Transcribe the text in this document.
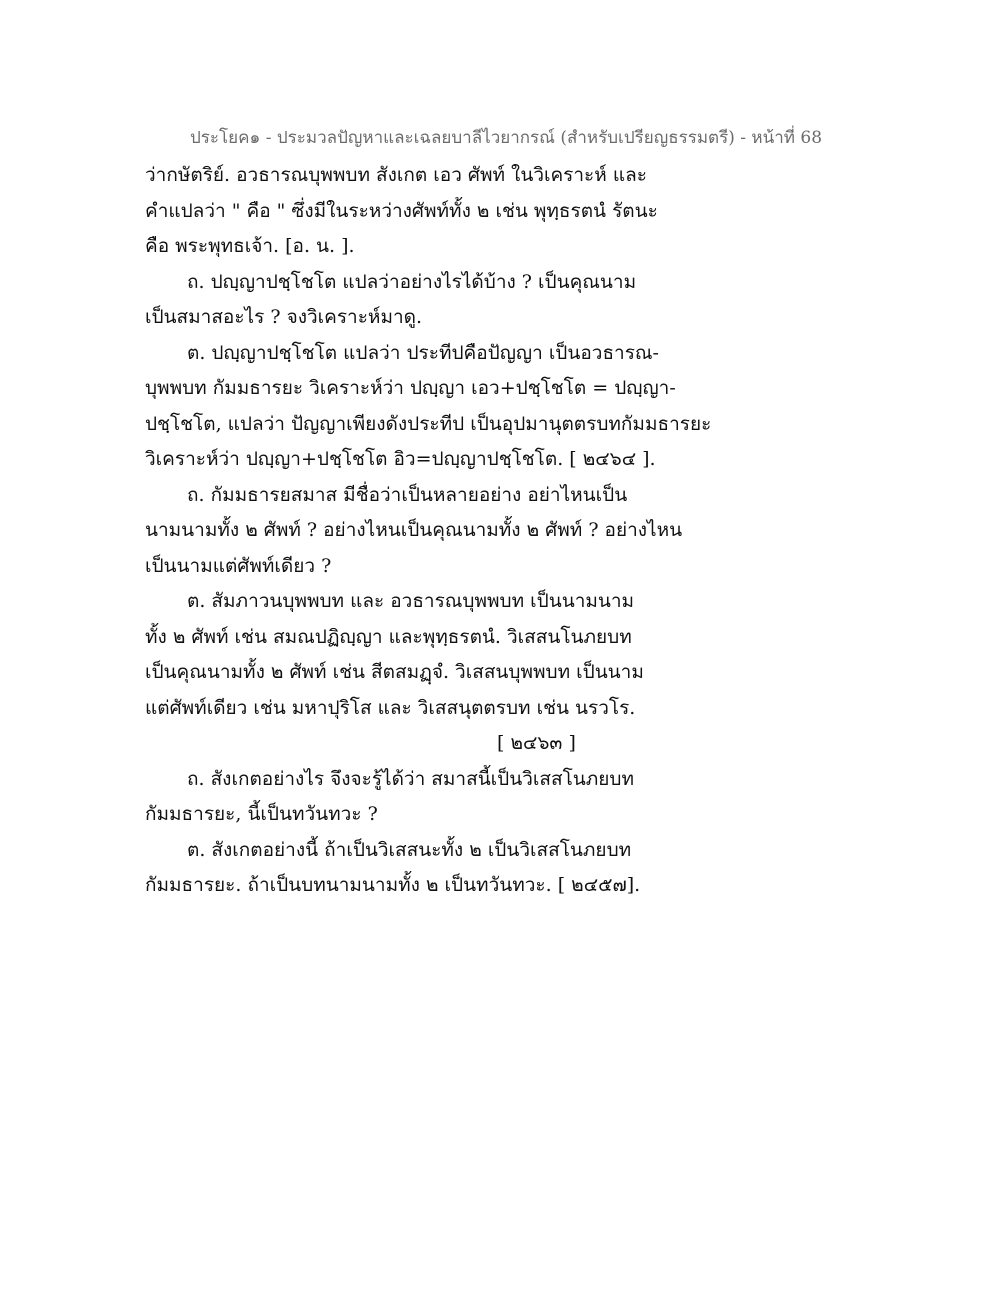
ประโยค๑ - ประมวลปัญหาและเฉลยบาลีไวยากรณ์ (สำหรับเปรียญธรรมตรี) - หน้าที่ 68
ว่ากษัตริย์. อวธารณบุพพบท สังเกต เอว ศัพท์ ในวิเคราะห์ และ
คำแปลว่า " คือ " ซึ่งมีในระหว่างศัพท์ทั้ง ๒ เช่น พุทฺธรตนํ รัตนะ
คือ พระพุทธเจ้า. [อ. น. ].
ถ. ปญฺญาปชฺโชโต แปลว่าอย่างไรได้บ้าง ? เป็นคุณนาม
เป็นสมาสอะไร ? จงวิเคราะห์มาดู.
ต. ปญฺญาปชฺโชโต แปลว่า ประทีปคือปัญญา เป็นอวธารณ-
บุพพบท กัมมธารยะ วิเคราะห์ว่า ปญฺญา เอว+ปชฺโชโต = ปญฺญา-
ปชฺโชโต, แปลว่า ปัญญาเพียงดังประทีป เป็นอุปมานุตตรบทกัมมธารยะ
วิเคราะห์ว่า ปญฺญา+ปชฺโชโต อิว=ปญฺญาปชฺโชโต. [ ๒๔๖๔ ].
ถ. กัมมธารยสมาส มีชื่อว่าเป็นหลายอย่าง อย่าไหนเป็น
นามนามทั้ง ๒ ศัพท์ ? อย่างไหนเป็นคุณนามทั้ง ๒ ศัพท์ ? อย่างไหน
เป็นนามแต่ศัพท์เดียว ?
ต. สัมภาวนบุพพบท และ อวธารณบุพพบท เป็นนามนาม
ทั้ง ๒ ศัพท์ เช่น สมณปฏิญฺญา และพุทฺธรตนํ. วิเสสนโนภยบท
เป็นคุณนามทั้ง ๒ ศัพท์ เช่น สีตสมฏฺจํ. วิเสสนบุพพบท เป็นนาม
แต่ศัพท์เดียว เช่น มหาปุริโส และ วิเสสนุตตรบท เช่น นรวโร.
[ ๒๔๖๓ ]
ถ. สังเกตอย่างไร จึงจะรู้ได้ว่า สมาสนี้เป็นวิเสสโนภยบท
กัมมธารยะ, นี้เป็นทวันทวะ ?
ต. สังเกตอย่างนี้ ถ้าเป็นวิเสสนะทั้ง ๒ เป็นวิเสสโนภยบท
กัมมธารยะ. ถ้าเป็นบทนามนามทั้ง ๒ เป็นทวันทวะ. [ ๒๔๕๗].
